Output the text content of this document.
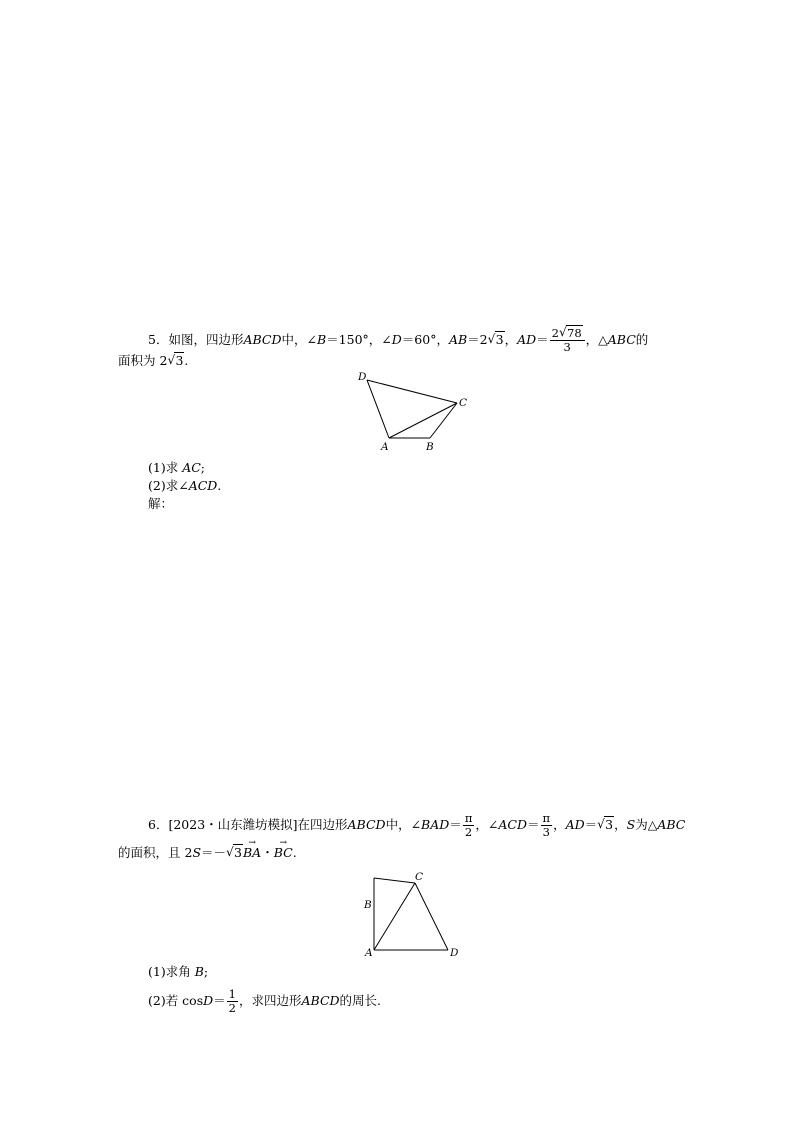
5．如图，四边形ABCD中，∠B＝150°，∠D＝60°，AB＝2 √ 3，$AD= \frac{2 √ 78}{3}$ ，△ABC的
面积为 2 √ 3.
D
C
A	B
(1)求 AC;
(2)求∠ACD.
解：
6．[2023・山东潍坊模拟]在四边形ABCD中，∠BAD＝ $\frac{\pi}{2}$ ，∠ACD＝ $\frac{\pi}{3}$ ，AD＝ √ 3，S为△ABC
的面积，且 2S＝－ √ 3→ BA・→ BC.
C
B
A	D
(1)求角 B;
(2)若 $\cos D= \frac{1}{2}$ ，求四边形ABCD的周长.
